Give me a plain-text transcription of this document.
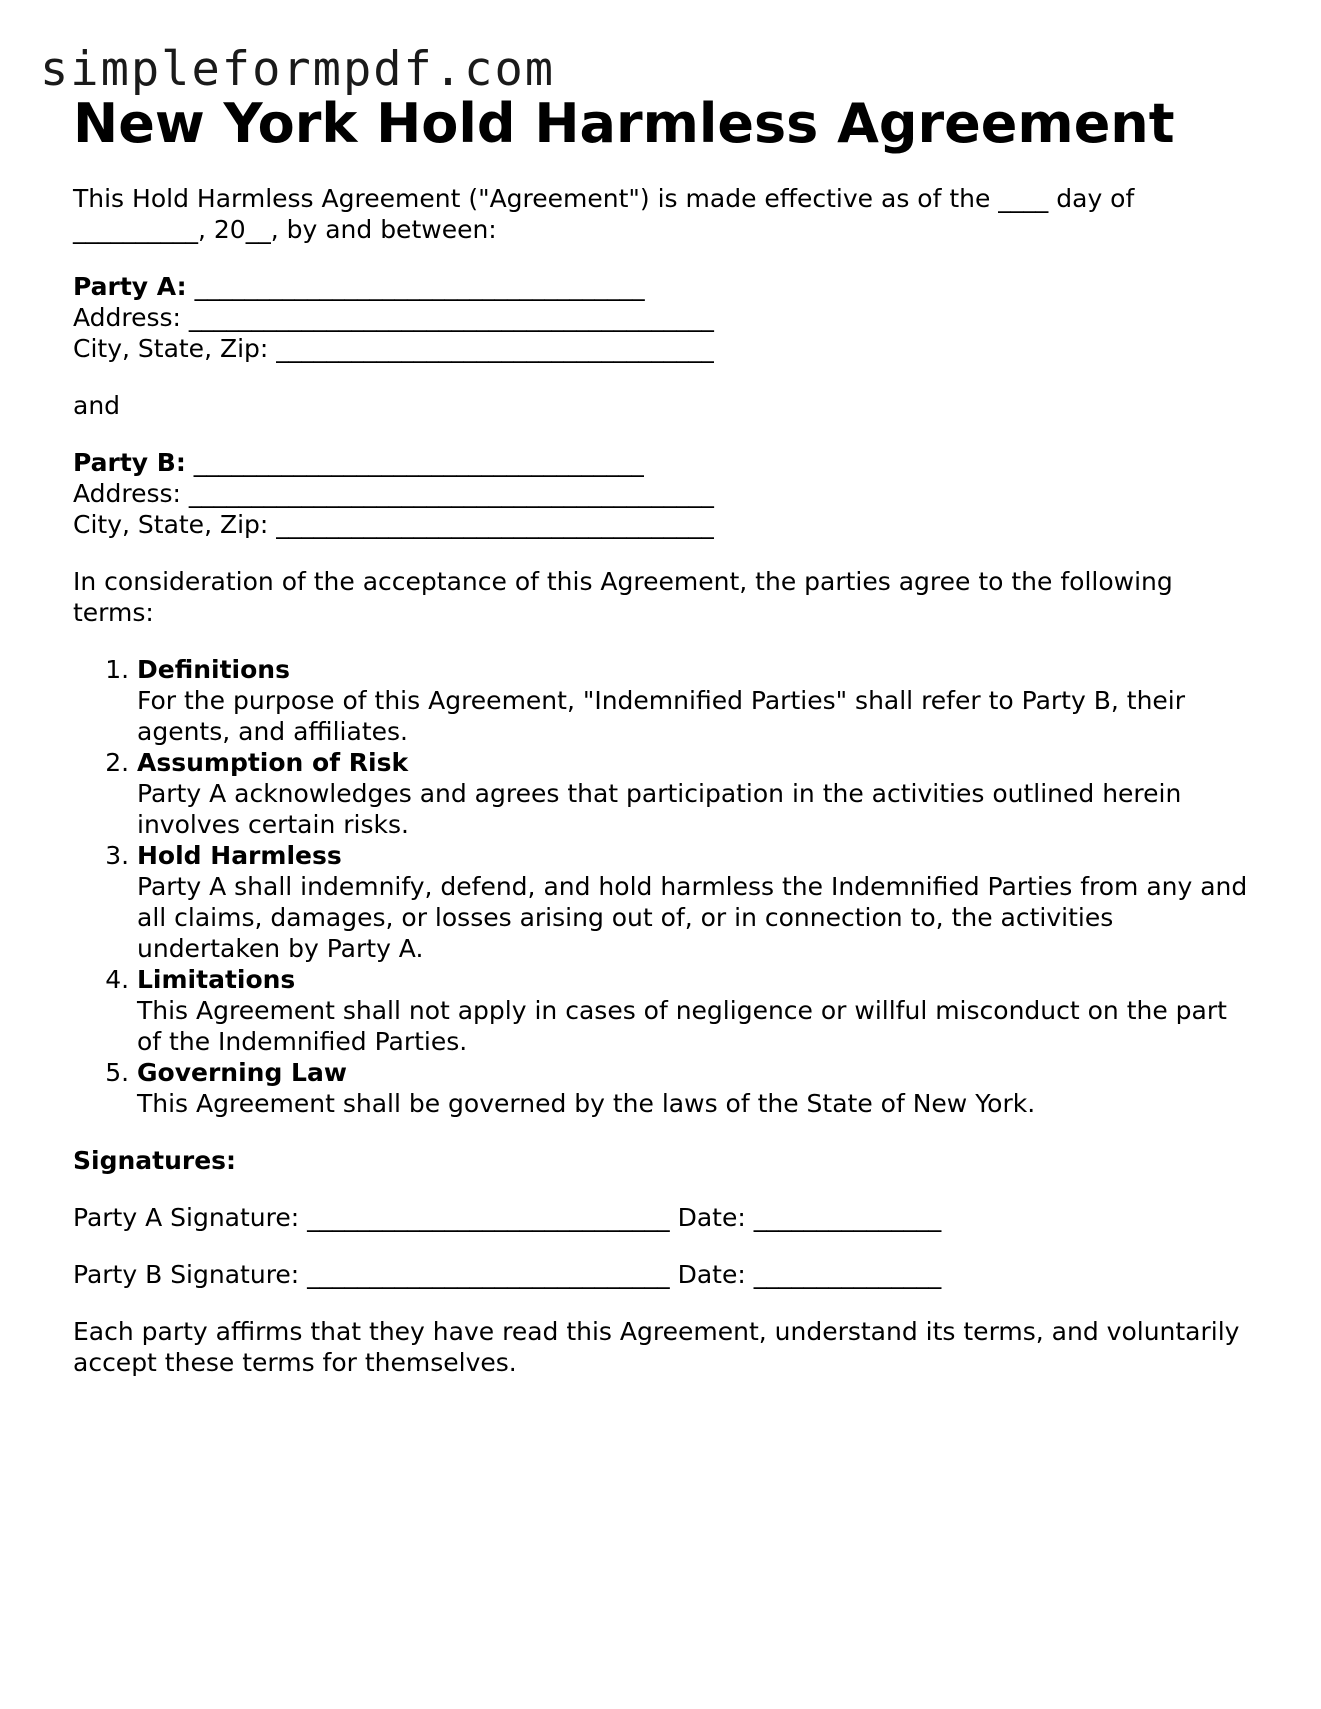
simpleformpdf.com
New York Hold Harmless Agreement

This Hold Harmless Agreement ("Agreement") is made effective as of the ____ day of
__________, 20__, by and between:

Party A: ____________________________________
Address: __________________________________________
City, State, Zip: ___________________________________

and

Party B: ____________________________________
Address: __________________________________________
City, State, Zip: ___________________________________

In consideration of the acceptance of this Agreement, the parties agree to the following terms:

1. Definitions
For the purpose of this Agreement, "Indemnified Parties" shall refer to Party B, their agents, and affiliates.
2. Assumption of Risk
Party A acknowledges and agrees that participation in the activities outlined herein involves certain risks.
3. Hold Harmless
Party A shall indemnify, defend, and hold harmless the Indemnified Parties from any and all claims, damages, or losses arising out of, or in connection to, the activities undertaken by Party A.
4. Limitations
This Agreement shall not apply in cases of negligence or willful misconduct on the part of the Indemnified Parties.
5. Governing Law
This Agreement shall be governed by the laws of the State of New York.

Signatures:

Party A Signature: _____________________________ Date: _______________

Party B Signature: _____________________________ Date: _______________

Each party affirms that they have read this Agreement, understand its terms, and voluntarily accept these terms for themselves.
